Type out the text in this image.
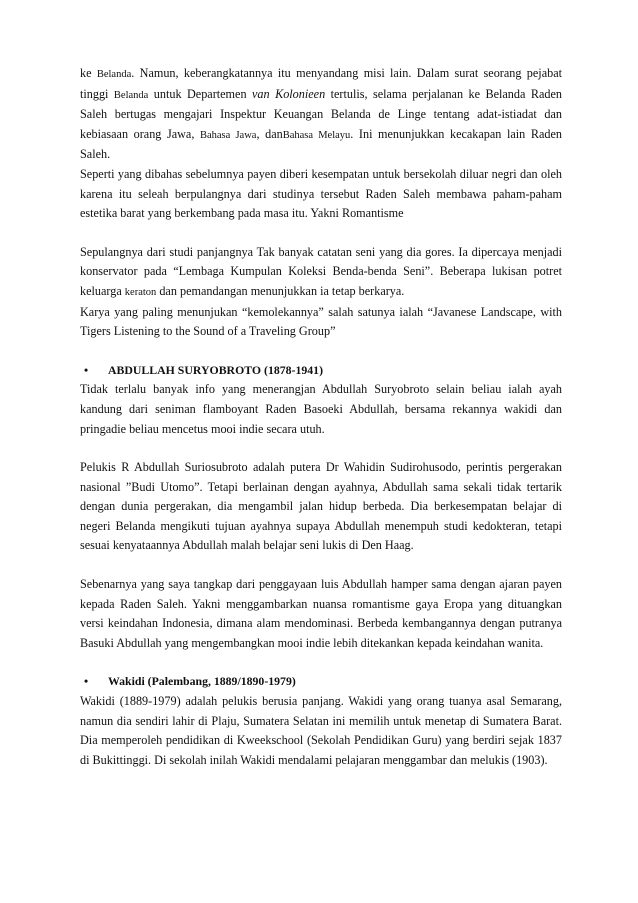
ke Belanda. Namun, keberangkatannya itu menyandang misi lain. Dalam surat seorang pejabat tinggi Belanda untuk Departemen van Kolonieen tertulis, selama perjalanan ke Belanda Raden Saleh bertugas mengajari Inspektur Keuangan Belanda de Linge tentang adat-istiadat dan kebiasaan orang Jawa, Bahasa Jawa, danBahasa Melayu. Ini menunjukkan kecakapan lain Raden Saleh.

Seperti yang dibahas sebelumnya payen diberi kesempatan untuk bersekolah diluar negri dan oleh karena itu seleah berpulangnya dari studinya tersebut Raden Saleh membawa paham-paham estetika barat yang berkembang pada masa itu. Yakni Romantisme

Sepulangnya dari studi panjangnya Tak banyak catatan seni yang dia gores. Ia dipercaya menjadi konservator pada “Lembaga Kumpulan Koleksi Benda-benda Seni”. Beberapa lukisan potret keluarga keraton dan pemandangan menunjukkan ia tetap berkarya.

Karya yang paling menunjukan “kemolekannya” salah satunya ialah “Javanese Landscape, with Tigers Listening to the Sound of a Traveling Group”

•	ABDULLAH SURYOBROTO (1878-1941)

Tidak terlalu banyak info yang menerangjan Abdullah Suryobroto selain beliau ialah ayah kandung dari seniman flamboyant Raden Basoeki Abdullah, bersama rekannya wakidi dan pringadie beliau mencetus mooi indie secara utuh.

Pelukis R Abdullah Suriosubroto adalah putera Dr Wahidin Sudirohusodo, perintis pergerakan nasional ”Budi Utomo”. Tetapi berlainan dengan ayahnya, Abdullah sama sekali tidak tertarik dengan dunia pergerakan, dia mengambil jalan hidup berbeda. Dia berkesempatan belajar di negeri Belanda mengikuti tujuan ayahnya supaya Abdullah menempuh studi kedokteran, tetapi sesuai kenyataannya Abdullah malah belajar seni lukis di Den Haag.

Sebenarnya yang saya tangkap dari penggayaan luis Abdullah hamper sama dengan ajaran payen kepada Raden Saleh. Yakni menggambarkan nuansa romantisme gaya Eropa yang dituangkan versi keindahan Indonesia, dimana alam mendominasi. Berbeda kembangannya dengan putranya Basuki Abdullah yang mengembangkan mooi indie lebih ditekankan kepada keindahan wanita.

•	Wakidi (Palembang, 1889/1890-1979)

Wakidi (1889-1979) adalah pelukis berusia panjang. Wakidi yang orang tuanya asal Semarang, namun dia sendiri lahir di Plaju, Sumatera Selatan ini memilih untuk menetap di Sumatera Barat. Dia memperoleh pendidikan di Kweekschool (Sekolah Pendidikan Guru) yang berdiri sejak 1837 di Bukittinggi. Di sekolah inilah Wakidi mendalami pelajaran menggambar dan melukis (1903).
